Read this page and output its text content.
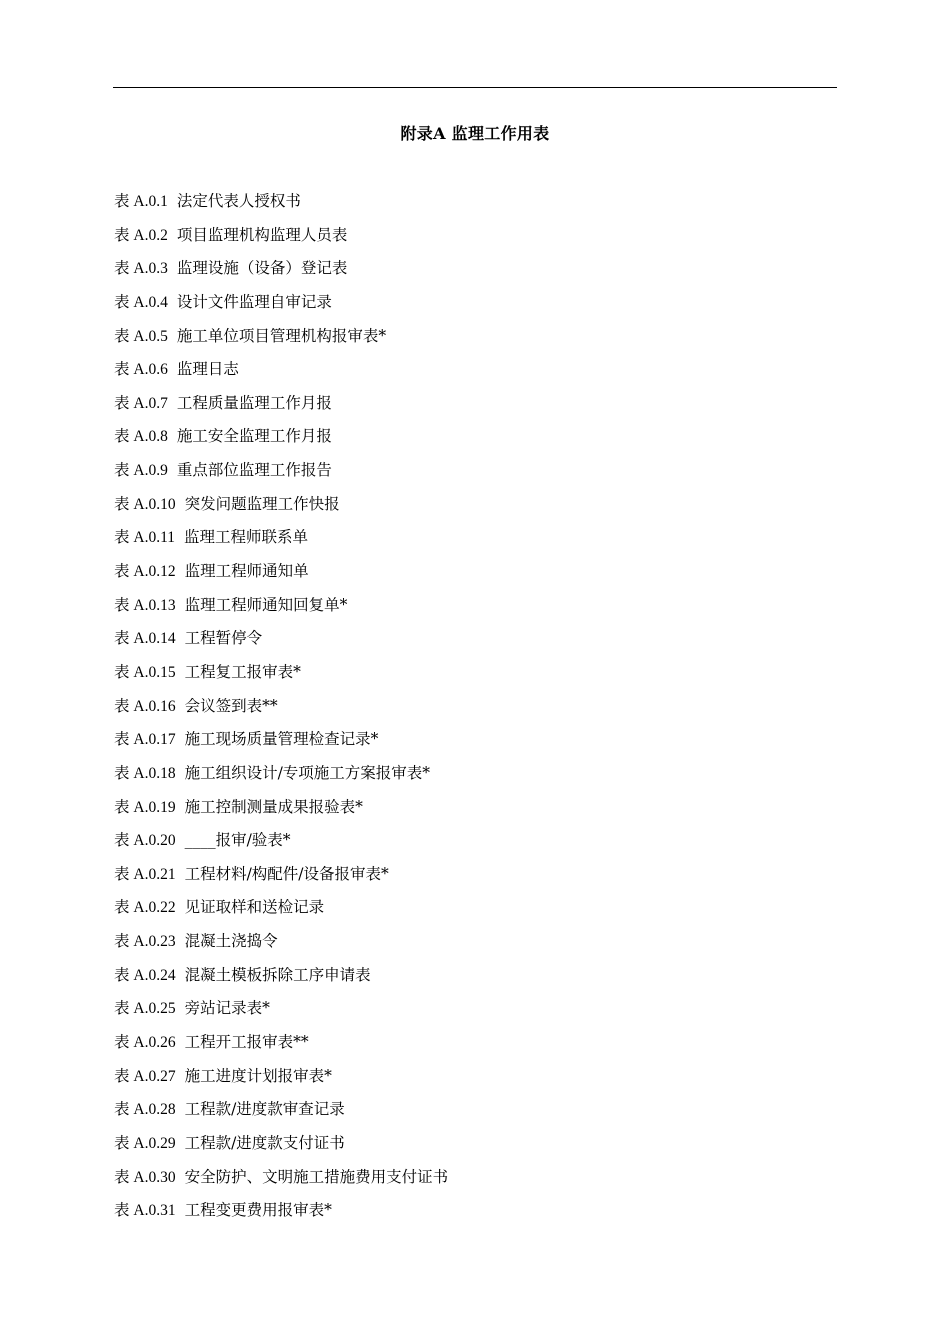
附录A 监理工作用表
表 A.0.1 法定代表人授权书
表 A.0.2 项目监理机构监理人员表
表 A.0.3 监理设施（设备）登记表
表 A.0.4 设计文件监理自审记录
表 A.0.5 施工单位项目管理机构报审表*
表 A.0.6 监理日志
表 A.0.7 工程质量监理工作月报
表 A.0.8 施工安全监理工作月报
表 A.0.9 重点部位监理工作报告
表 A.0.10 突发问题监理工作快报
表 A.0.11 监理工程师联系单
表 A.0.12 监理工程师通知单
表 A.0.13 监理工程师通知回复单*
表 A.0.14 工程暂停令
表 A.0.15 工程复工报审表*
表 A.0.16 会议签到表**
表 A.0.17 施工现场质量管理检查记录*
表 A.0.18 施工组织设计/专项施工方案报审表*
表 A.0.19 施工控制测量成果报验表*
表 A.0.20 ____报审/验表*
表 A.0.21 工程材料/构配件/设备报审表*
表 A.0.22 见证取样和送检记录
表 A.0.23 混凝土浇捣令
表 A.0.24 混凝土模板拆除工序申请表
表 A.0.25 旁站记录表*
表 A.0.26 工程开工报审表**
表 A.0.27 施工进度计划报审表*
表 A.0.28 工程款/进度款审查记录
表 A.0.29 工程款/进度款支付证书
表 A.0.30 安全防护、文明施工措施费用支付证书
表 A.0.31 工程变更费用报审表*
